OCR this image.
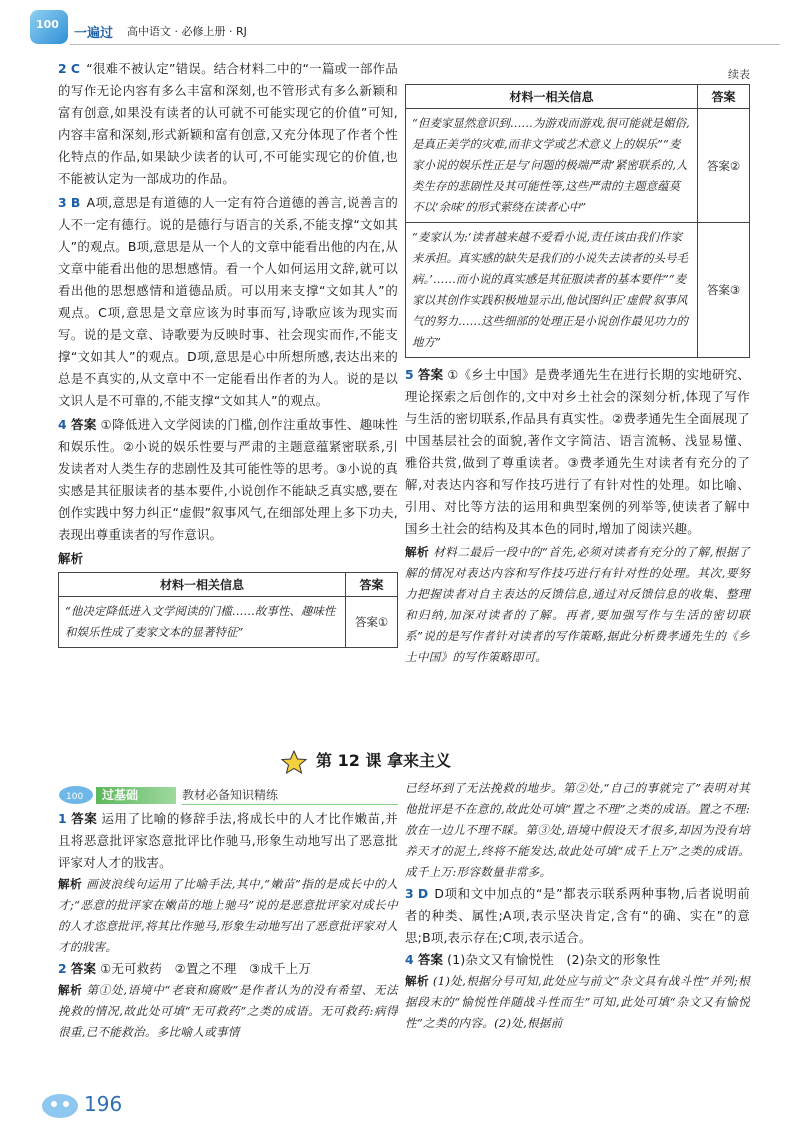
100
一遍过 高中语文 · 必修上册 · RJ

2 C “很难不被认定”错误。结合材料二中的“一篇或一部作品的写作无论内容有多么丰富和深刻,也不管形式有多么新颖和富有创意,如果没有读者的认可就不可能实现它的价值”可知,内容丰富和深刻,形式新颖和富有创意,又充分体现了作者个性化特点的作品,如果缺少读者的认可,不可能实现它的价值,也不能被认定为一部成功的作品。

3 B A项,意思是有道德的人一定有符合道德的善言,说善言的人不一定有德行。说的是德行与语言的关系,不能支撑“文如其人”的观点。B项,意思是从一个人的文章中能看出他的内在,从文章中能看出他的思想感情。看一个人如何运用文辞,就可以看出他的思想感情和道德品质。可以用来支撑“文如其人”的观点。C项,意思是文章应该为时事而写,诗歌应该为现实而写。说的是文章、诗歌要为反映时事、社会现实而作,不能支撑“文如其人”的观点。D项,意思是心中所想所感,表达出来的总是不真实的,从文章中不一定能看出作者的为人。说的是以文识人是不可靠的,不能支撑“文如其人”的观点。

4 答案 ①降低进入文学阅读的门槛,创作注重故事性、趣味性和娱乐性。②小说的娱乐性要与严肃的主题意蕴紧密联系,引发读者对人类生存的悲剧性及其可能性等的思考。③小说的真实感是其征服读者的基本要件,小说创作不能缺乏真实感,要在创作实践中努力纠正“虚假”叙事风气,在细部处理上多下功夫,表现出尊重读者的写作意识。

解析

材料一相关信息	答案
“他决定降低进入文学阅读的门槛……故事性、趣味性和娱乐性成了麦家文本的显著特征”	答案①
续表
材料一相关信息	答案
“但麦家显然意识到……为游戏而游戏,很可能就是媚俗,是真正美学的灾难,而非文学或艺术意义上的娱乐”“麦家小说的娱乐性正是与‘问题的极端严肃’紧密联系的,人类生存的悲剧性及其可能性等,这些严肃的主题意蕴莫不以‘余味’的形式萦绕在读者心中”	答案②
“麦家认为:‘读者越来越不爱看小说,责任该由我们作家来承担。真实感的缺失是我们的小说失去读者的头号毛病。’……而小说的真实感是其征服读者的基本要件”“麦家以其创作实践积极地显示出,他试图纠正‘虚假’叙事风气的努力……这些细部的处理正是小说创作最见功力的地方”	答案③

5 答案 ①《乡土中国》是费孝通先生在进行长期的实地研究、理论探索之后创作的,文中对乡土社会的深刻分析,体现了写作与生活的密切联系,作品具有真实性。②费孝通先生全面展现了中国基层社会的面貌,著作文字简洁、语言流畅、浅显易懂、雅俗共赏,做到了尊重读者。③费孝通先生对读者有充分的了解,对表达内容和写作技巧进行了有针对性的处理。如比喻、引用、对比等方法的运用和典型案例的列举等,使读者了解中国乡土社会的结构及其本色的同时,增加了阅读兴趣。

解析 材料二最后一段中的“首先,必须对读者有充分的了解,根据了解的情况对表达内容和写作技巧进行有针对性的处理。其次,要努力把握读者对自主表达的反馈信息,通过对反馈信息的收集、整理和归纳,加深对读者的了解。再者,要加强写作与生活的密切联系”说的是写作者针对读者的写作策略,据此分析费孝通先生的《乡土中国》的写作策略即可。

第 12 课 拿来主义
100	过基础	教材必备知识精练

1 答案 运用了比喻的修辞手法,将成长中的人才比作嫩苗,并且将恶意批评家恣意批评比作驰马,形象生动地写出了恶意批评家对人才的戕害。

解析 画波浪线句运用了比喻手法,其中,“嫩苗”指的是成长中的人才;“恶意的批评家在嫩苗的地上驰马”说的是恶意批评家对成长中的人才恣意批评,将其比作驰马,形象生动地写出了恶意批评家对人才的戕害。

2 答案 ①无可救药   ②置之不理   ③成千上万

解析 第①处,语境中“老衰和腐败”是作者认为的没有希望、无法挽救的情况,故此处可填“无可救药”之类的成语。无可救药:病得很重,已不能救治。多比喻人或事情

已经坏到了无法挽救的地步。第②处,“自己的事就完了”表明对其他批评是不在意的,故此处可填“置之不理”之类的成语。置之不理:放在一边儿不理不睬。第③处,语境中假设天才很多,却因为没有培养天才的泥土,终将不能发达,故此处可填“成千上万”之类的成语。成千上万:形容数量非常多。

3 D D项和文中加点的“是”都表示联系两种事物,后者说明前者的种类、属性;A项,表示坚决肯定,含有“的确、实在”的意思;B项,表示存在;C项,表示适合。

4 答案 (1)杂文又有愉悦性   (2)杂文的形象性

解析 (1)处,根据分号可知,此处应与前文“杂文具有战斗性”并列;根据段末的“愉悦性伴随战斗性而生”可知,此处可填“杂文又有愉悦性”之类的内容。(2)处,根据前

196
